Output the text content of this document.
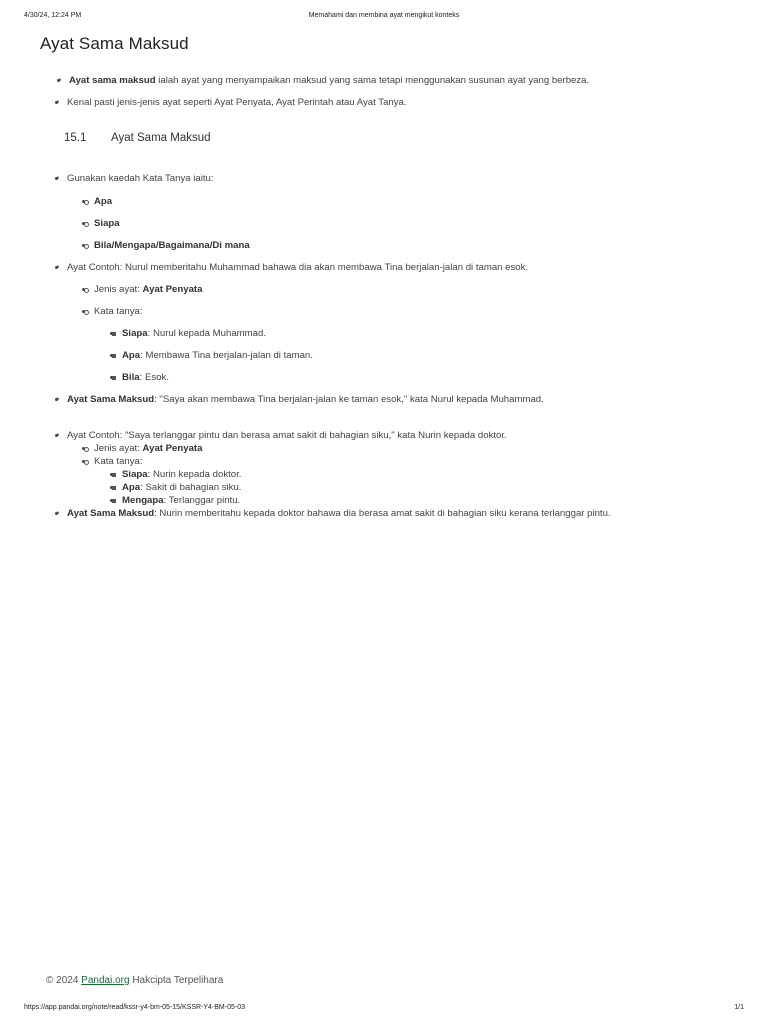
4/30/24, 12:24 PM	Memahami dan membina ayat mengikut konteks
Ayat Sama Maksud
• • Ayat sama maksud ialah ayat yang menyampaikan maksud yang sama tetapi menggunakan susunan ayat yang berbeza.
• • Kenal pasti jenis-jenis ayat seperti Ayat Penyata, Ayat Perintah atau Ayat Tanya.
15.1 Ayat Sama Maksud
• • Gunakan kaedah Kata Tanya iaitu:
• Apa
• Siapa
• Bila/Mengapa/Bagaimana/Di mana
• • Ayat Contoh: Nurul memberitahu Muhammad bahawa dia akan membawa Tina berjalan-jalan di taman esok.
• Jenis ayat: Ayat Penyata
• Kata tanya:
• Siapa: Nurul kepada Muhammad.
• Apa: Membawa Tina berjalan-jalan di taman.
• Bila: Esok.
• • Ayat Sama Maksud: "Saya akan membawa Tina berjalan-jalan ke taman esok," kata Nurul kepada Muhammad.
• • Ayat Contoh: "Saya terlanggar pintu dan berasa amat sakit di bahagian siku," kata Nurin kepada doktor.
• Jenis ayat: Ayat Penyata
• Kata tanya:
• Siapa: Nurin kepada doktor.
• Apa: Sakit di bahagian siku.
• Mengapa: Terlanggar pintu.
• • Ayat Sama Maksud: Nurin memberitahu kepada doktor bahawa dia berasa amat sakit di bahagian siku kerana terlanggar pintu.
© 2024 Pandai.org Hakcipta Terpelihara
https://app.pandai.org/note/read/kssr-y4-bm-05-15/KSSR-Y4-BM-05-03	1/1
